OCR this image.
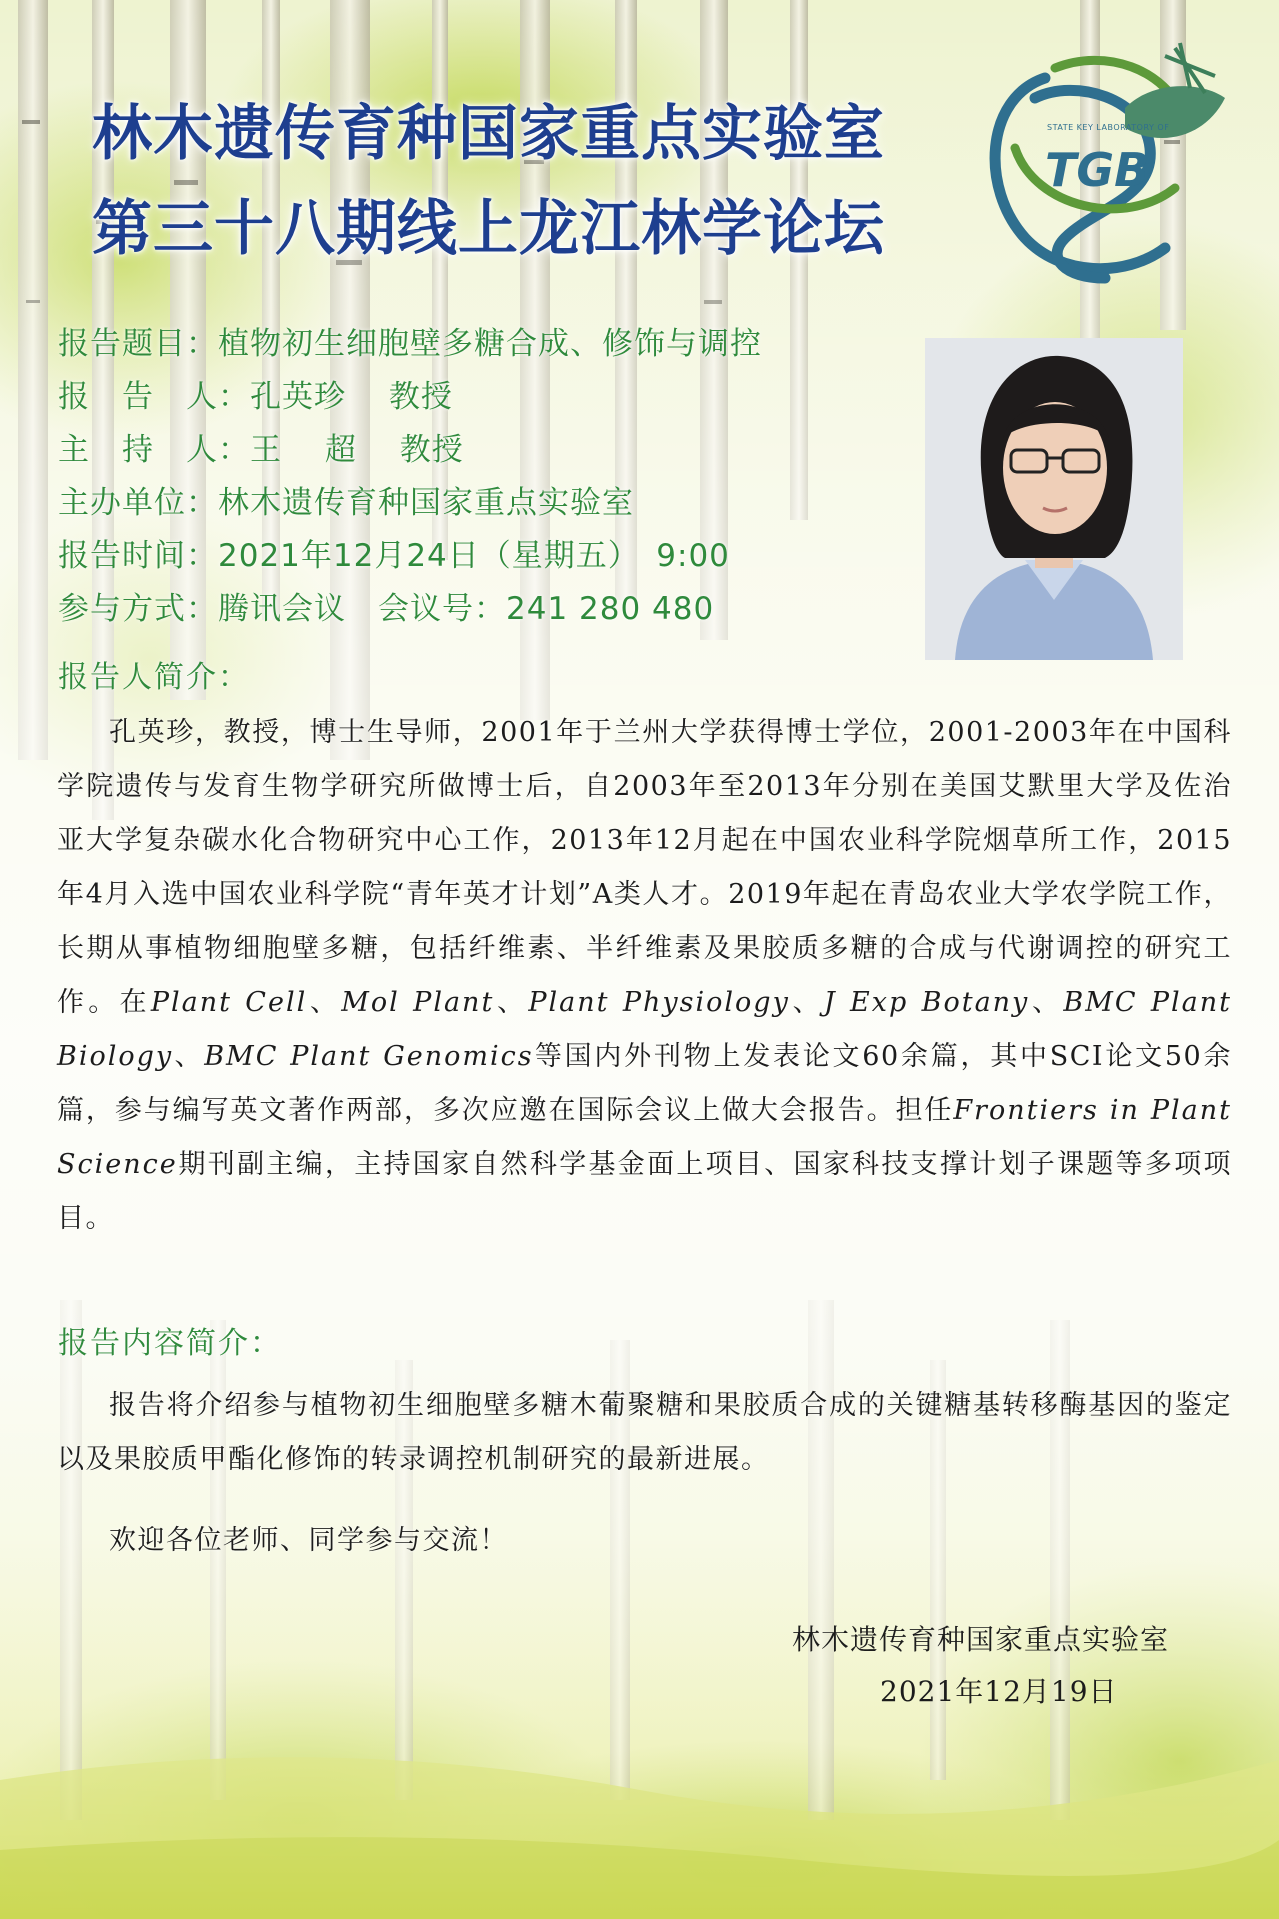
林木遗传育种国家重点实验室
第三十八期线上龙江林学论坛
STATE KEY LABORATORY OF
TGB
报告题目：植物初生细胞壁多糖合成、修饰与调控
报　告　人：孔英珍　 教授
主　持　人：王　 超　 教授
主办单位：林木遗传育种国家重点实验室
报告时间：2021年12月24日（星期五）　9:00
参与方式：腾讯会议　会议号：241 280 480
报告人简介：
孔英珍，教授，博士生导师，2001年于兰州大学获得博士学位，2001-2003年在中国科学院遗传与发育生物学研究所做博士后，自2003年至2013年分别在美国艾默里大学及佐治亚大学复杂碳水化合物研究中心工作，2013年12月起在中国农业科学院烟草所工作，2015年4月入选中国农业科学院“青年英才计划”A类人才。2019年起在青岛农业大学农学院工作，长期从事植物细胞壁多糖，包括纤维素、半纤维素及果胶质多糖的合成与代谢调控的研究工作。在Plant Cell、Mol Plant、Plant Physiology、J Exp Botany、BMC Plant Biology、BMC Plant Genomics等国内外刊物上发表论文60余篇，其中SCI论文50余篇，参与编写英文著作两部，多次应邀在国际会议上做大会报告。担任Frontiers in Plant Science期刊副主编，主持国家自然科学基金面上项目、国家科技支撑计划子课题等多项项目。
报告内容简介：
报告将介绍参与植物初生细胞壁多糖木葡聚糖和果胶质合成的关键糖基转移酶基因的鉴定以及果胶质甲酯化修饰的转录调控机制研究的最新进展。
欢迎各位老师、同学参与交流！
林木遗传育种国家重点实验室
2021年12月19日
